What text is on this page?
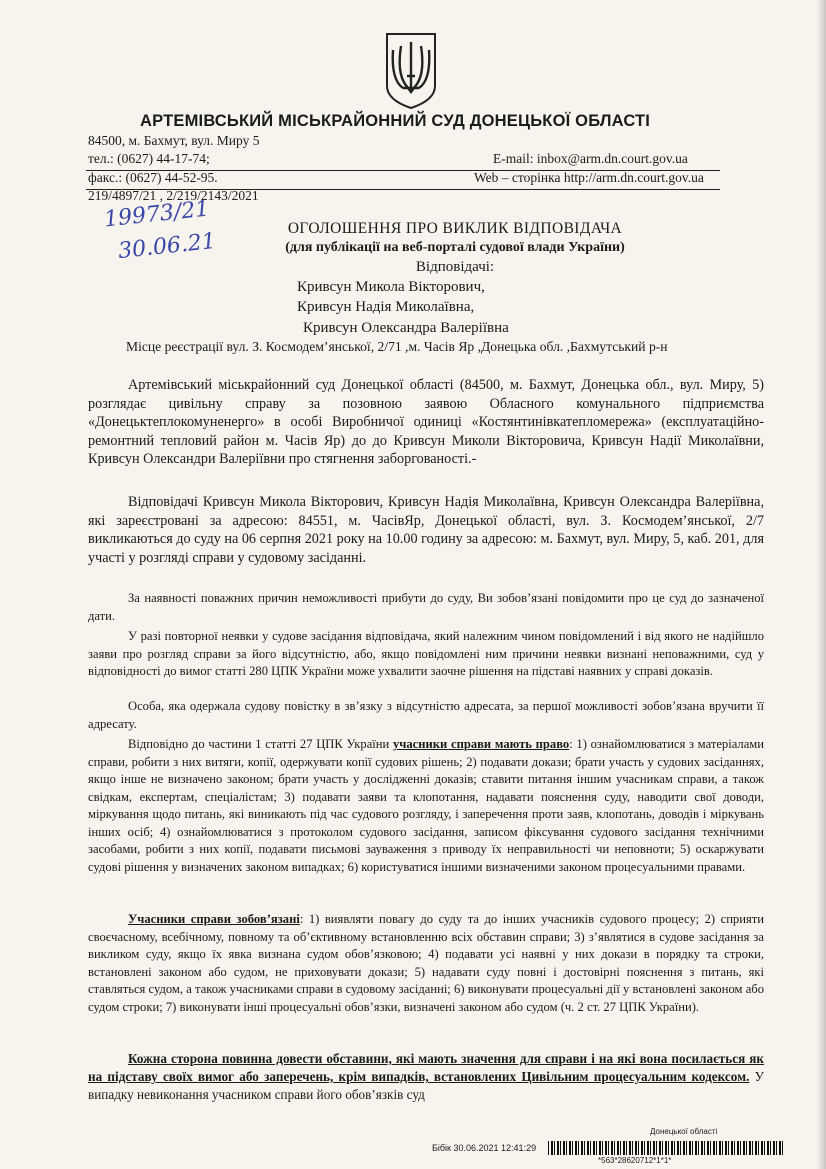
АРТЕМІВСЬКИЙ МІСЬКРАЙОННИЙ СУД ДОНЕЦЬКОЇ ОБЛАСТІ
84500, м. Бахмут, вул. Миру 5
тел.: (0627) 44-17-74;	E-mail: inbox@arm.dn.court.gov.ua
факс.: (0627) 44-52-95.	Web – сторінка http://arm.dn.court.gov.ua
219/4897/21 , 2/219/2143/2021
19973/21
30.06.21
ОГОЛОШЕННЯ ПРО ВИКЛИК ВІДПОВІДАЧА
(для публікації на веб-порталі судової влади України)
Відповідачі:
Кривсун Микола Вікторович,
Кривсун Надія Миколаївна,
Кривсун Олександра Валеріївна
Місце реєстрації вул. З. Космодем’янської, 2/71 ,м. Часів Яр ,Донецька обл. ,Бахмутський р-н
Артемівський міськрайонний суд Донецької області (84500, м. Бахмут, Донецька обл., вул. Миру, 5) розглядає цивільну справу за позовною заявою Обласного комунального підприємства «Донецьктеплокомуненерго» в особі Виробничої одиниці «Костянтинівкатепломережа» (експлуатаційно-ремонтний тепловий район м. Часів Яр) до до Кривсун Миколи Вікторовича, Кривсун Надії Миколаївни, Кривсун Олександри Валеріївни про стягнення заборгованості.-
Відповідачі Кривсун Микола Вікторович, Кривсун Надія Миколаївна, Кривсун Олександра Валеріївна, які зареєстровані за адресою: 84551, м. ЧасівЯр, Донецької області, вул. З. Космодем’янської, 2/7 викликаються до суду на 06 серпня 2021 року на 10.00 годину за адресою: м. Бахмут, вул. Миру, 5, каб. 201, для участі у розгляді справи у судовому засіданні.
За наявності поважних причин неможливості прибути до суду, Ви зобов’язані повідомити про це суд до зазначеної дати.
У разі повторної неявки у судове засідання відповідача, який належним чином повідомлений і від якого не надійшло заяви про розгляд справи за його відсутністю, або, якщо повідомлені ним причини неявки визнані неповажними, суд у відповідності до вимог статті 280 ЦПК України може ухвалити заочне рішення на підставі наявних у справі доказів.
Особа, яка одержала судову повістку в зв’язку з відсутністю адресата, за першої можливості зобов’язана вручити її адресату.
Відповідно до частини 1 статті 27 ЦПК України учасники справи мають право: 1) ознайомлюватися з матеріалами справи, робити з них витяги, копії, одержувати копії судових рішень; 2) подавати докази; брати участь у судових засіданнях, якщо інше не визначено законом; брати участь у дослідженні доказів; ставити питання іншим учасникам справи, а також свідкам, експертам, спеціалістам; 3) подавати заяви та клопотання, надавати пояснення суду, наводити свої доводи, міркування щодо питань, які виникають під час судового розгляду, і заперечення проти заяв, клопотань, доводів і міркувань інших осіб; 4) ознайомлюватися з протоколом судового засідання, записом фіксування судового засідання технічними засобами, робити з них копії, подавати письмові зауваження з приводу їх неправильності чи неповноти; 5) оскаржувати судові рішення у визначених законом випадках; 6) користуватися іншими визначеними законом процесуальними правами.
Учасники справи зобов’язані: 1) виявляти повагу до суду та до інших учасників судового процесу; 2) сприяти своєчасному, всебічному, повному та об’єктивному встановленню всіх обставин справи; 3) з’являтися в судове засідання за викликом суду, якщо їх явка визнана судом обов’язковою; 4) подавати усі наявні у них докази в порядку та строки, встановлені законом або судом, не приховувати докази; 5) надавати суду повні і достовірні пояснення з питань, які ставляться судом, а також учасниками справи в судовому засіданні; 6) виконувати процесуальні дії у встановлені законом або судом строки; 7) виконувати інші процесуальні обов’язки, визначені законом або судом (ч. 2 ст. 27 ЦПК України).
Кожна сторона повинна довести обставини, які мають значення для справи і на які вона посилається як на підставу своїх вимог або заперечень, крім випадків, встановлених Цивільним процесуальним кодексом. У випадку невиконання учасником справи його обов’язків суд
Бібік 30.06.2021 12:41:29
Донецької області
*563*28620712*1*1*
